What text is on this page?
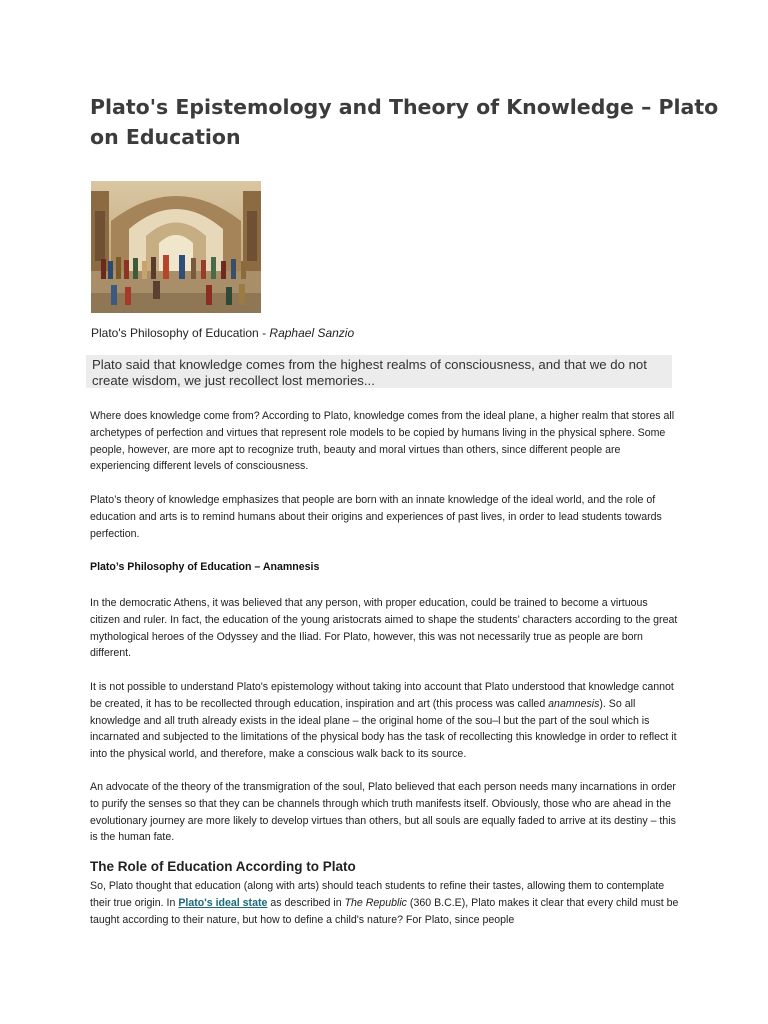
Plato's Epistemology and Theory of Knowledge – Plato on Education
Plato's Philosophy of Education - Raphael Sanzio
Plato said that knowledge comes from the highest realms of consciousness, and that we do not create wisdom, we just recollect lost memories...

Where does knowledge come from? According to Plato, knowledge comes from the ideal plane, a higher realm that stores all archetypes of perfection and virtues that represent role models to be copied by humans living in the physical sphere. Some people, however, are more apt to recognize truth, beauty and moral virtues than others, since different people are experiencing different levels of consciousness.

Plato’s theory of knowledge emphasizes that people are born with an innate knowledge of the ideal world, and the role of education and arts is to remind humans about their origins and experiences of past lives, in order to lead students towards perfection.

Plato’s Philosophy of Education – Anamnesis

In the democratic Athens, it was believed that any person, with proper education, could be trained to become a virtuous citizen and ruler. In fact, the education of the young aristocrats aimed to shape the students’ characters according to the great mythological heroes of the Odyssey and the Iliad. For Plato, however, this was not necessarily true as people are born different.

It is not possible to understand Plato's epistemology without taking into account that Plato understood that knowledge cannot be created, it has to be recollected through education, inspiration and art (this process was called anamnesis). So all knowledge and all truth already exists in the ideal plane – the original home of the sou–l but the part of the soul which is incarnated and subjected to the limitations of the physical body has the task of recollecting this knowledge in order to reflect it into the physical world, and therefore, make a conscious walk back to its source.

An advocate of the theory of the transmigration of the soul, Plato believed that each person needs many incarnations in order to purify the senses so that they can be channels through which truth manifests itself. Obviously, those who are ahead in the evolutionary journey are more likely to develop virtues than others, but all souls are equally faded to arrive at its destiny – this is the human fate.

The Role of Education According to Plato

So, Plato thought that education (along with arts) should teach students to refine their tastes, allowing them to contemplate their true origin. In Plato's ideal state as described in The Republic (360 B.C.E), Plato makes it clear that every child must be taught according to their nature, but how to define a child's nature? For Plato, since people
